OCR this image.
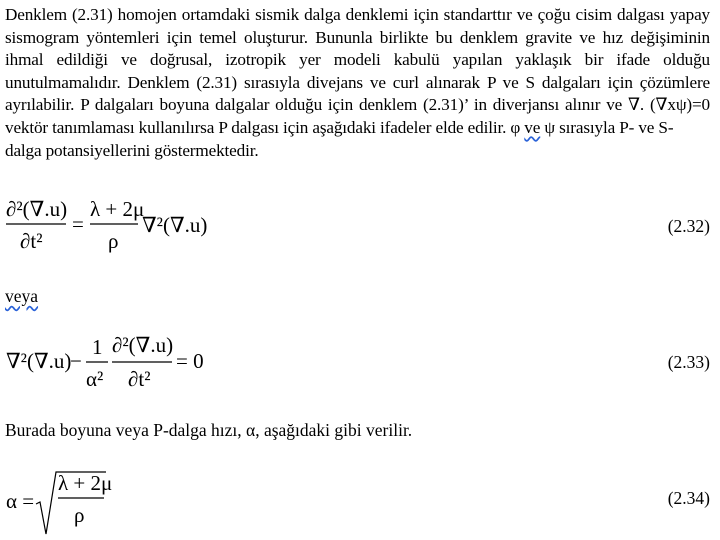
Denklem (2.31) homojen ortamdaki sismik dalga denklemi için standarttır ve çoğu cisim dalgası yapay
sismogram yöntemleri için temel oluşturur. Bununla birlikte bu denklem gravite ve hız değişiminin
ihmal edildiği ve doğrusal, izotropik yer modeli kabulü yapılan yaklaşık bir ifade olduğu
unutulmamalıdır. Denklem (2.31) sırasıyla divejans ve curl alınarak P ve S dalgaları için çözümlere
ayrılabilir. P dalgaları boyuna dalgalar olduğu için denklem (2.31)’ in diverjansı alınır ve ∇. (∇xψ)=0
vektör tanımlaması kullanılırsa P dalgası için aşağıdaki ifadeler elde edilir. φ ve ψ sırasıyla P- ve S-
dalga potansiyellerini göstermektedir.
∂²(∇.u)
∂t²
=
λ + 2μ
ρ
∇²(∇.u)	(2.32)
veya
∇²(∇.u)
−
1
α²
∂²(∇.u)
∂t²
= 0	(2.33)
Burada boyuna veya P-dalga hızı, α, aşağıdaki gibi verilir.
α =
λ + 2μ
ρ
(2.34)
